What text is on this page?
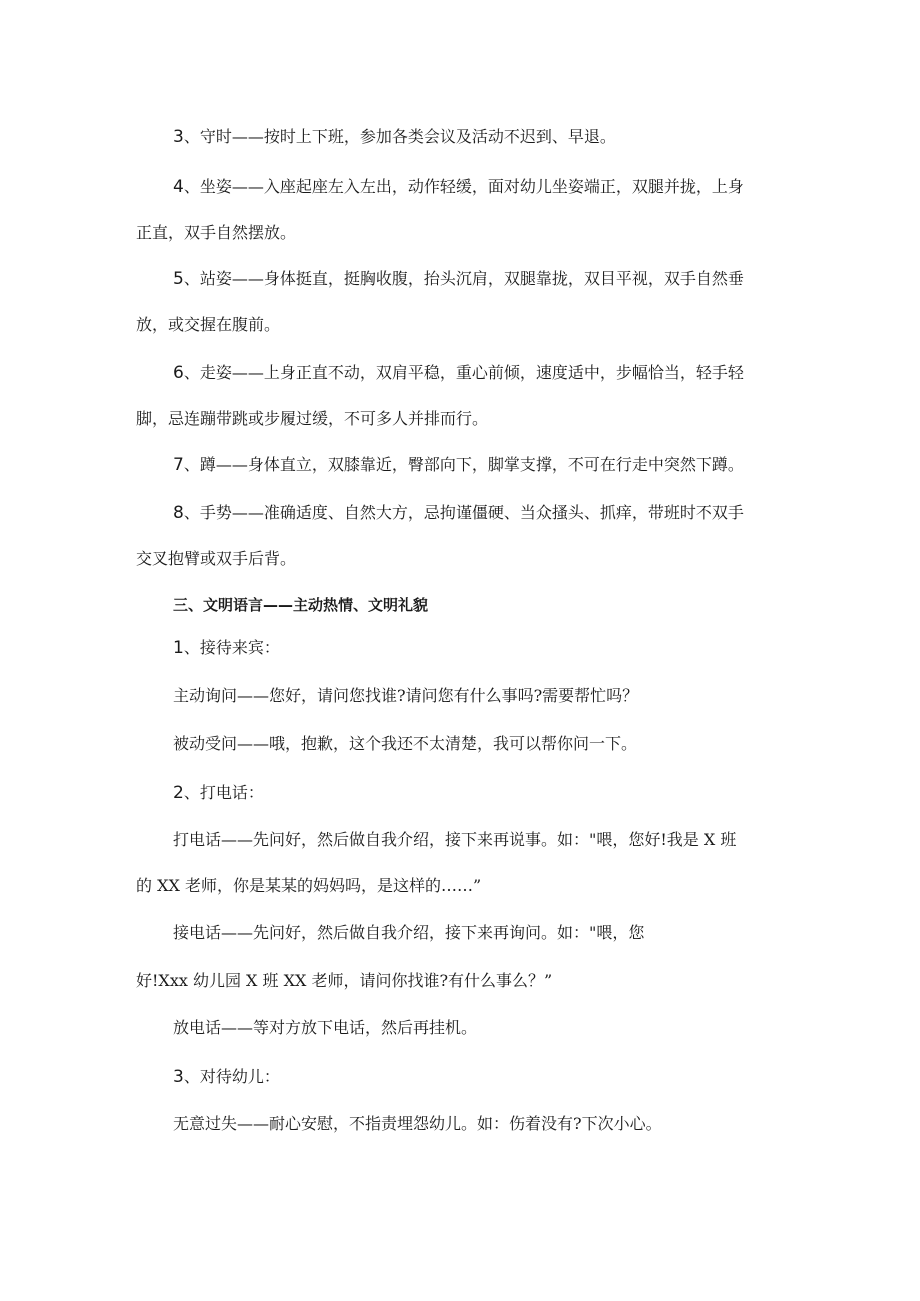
3、守时——按时上下班，参加各类会议及活动不迟到、早退。
4、坐姿——入座起座左入左出，动作轻缓，面对幼儿坐姿端正，双腿并拢，上身
正直，双手自然摆放。
5、站姿——身体挺直，挺胸收腹，抬头沉肩，双腿靠拢，双目平视，双手自然垂
放，或交握在腹前。
6、走姿——上身正直不动，双肩平稳，重心前倾，速度适中，步幅恰当，轻手轻
脚，忌连蹦带跳或步履过缓，不可多人并排而行。
7、蹲——身体直立，双膝靠近，臀部向下，脚掌支撑，不可在行走中突然下蹲。
8、手势——准确适度、自然大方，忌拘谨僵硬、当众搔头、抓痒，带班时不双手
交叉抱臂或双手后背。
三、文明语言——主动热情、文明礼貌
1、接待来宾：
主动询问——您好，请问您找谁?请问您有什么事吗?需要帮忙吗？
被动受问——哦，抱歉，这个我还不太清楚，我可以帮你问一下。
2、打电话：
打电话——先问好，然后做自我介绍，接下来再说事。如："喂，您好!我是 X 班
的 XX 老师，你是某某的妈妈吗，是这样的……”
接电话——先问好，然后做自我介绍，接下来再询问。如："喂，您
好!Xxx 幼儿园 X 班 XX 老师，请问你找谁?有什么事么？”
放电话——等对方放下电话，然后再挂机。
3、对待幼儿：
无意过失——耐心安慰，不指责埋怨幼儿。如：伤着没有?下次小心。
